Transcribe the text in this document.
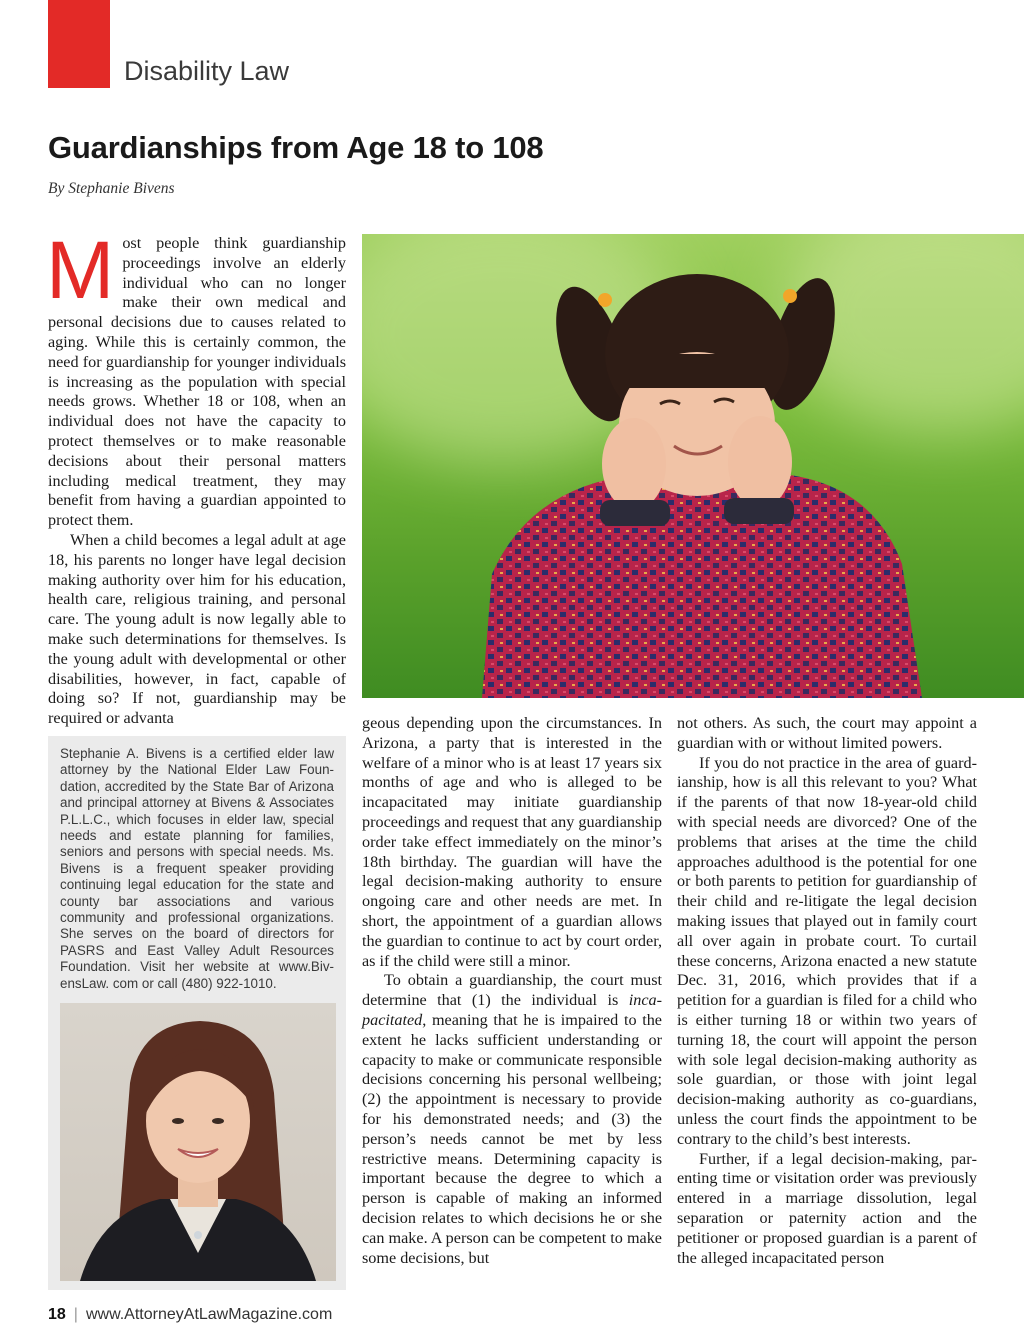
Disability Law
Guardianships from Age 18 to 108
By Stephanie Bivens

Most people think guardianship proceedings involve an elderly individual who can no longer make their own medical and personal decisions due to causes related to aging. While this is certainly common, the need for guardianship for younger individuals is increasing as the population with special needs grows. Whether 18 or 108, when an individual does not have the capacity to protect themselves or to make reasonable decisions about their personal matters including medical treatment, they may benefit from having a guardian appointed to protect them.

When a child becomes a legal adult at age 18, his parents no longer have legal decision making authority over him for his education, health care, religious training, and personal care. The young adult is now legally able to make such determinations for themselves. Is the young adult with developmental or other disabilities, however, in fact, capable of doing so? If not, guardianship may be required or advanta	geous depending upon the circumstances. In Arizona, a party that is interested in the welfare of a minor who is at least 17 years six months of age and who is alleged to be incapacitated may initiate guardianship proceedings and request that any guardianship order take effect immediately on the minor’s 18th birthday. The guardian will have the legal decision-making authority to ensure ongoing care and other needs are met. In short, the appointment of a guardian allows the guardian to continue to act by court order, as if the child were still a minor.

To obtain a guardianship, the court must determine that (1) the individual is incapacitated, meaning that he is impaired to the extent he lacks sufficient understanding or capacity to make or communicate responsible decisions concerning his personal wellbeing; (2) the appointment is necessary to provide for his demonstrated needs; and (3) the person’s needs cannot be met by less restrictive means. Determining capacity is important because the degree to which a person is capable of making an informed decision relates to which decisions he or she can make. A person can be competent to make some decisions, but

not others. As such, the court may appoint a guardian with or without limited powers.

If you do not practice in the area of guardianship, how is all this relevant to you? What if the parents of that now 18-year-old child with special needs are divorced? One of the problems that arises at the time the child approaches adulthood is the potential for one or both parents to petition for guardianship of their child and re-litigate the legal decision making issues that played out in family court all over again in probate court. To curtail these concerns, Arizona enacted a new statute Dec. 31, 2016, which provides that if a petition for a guardian is filed for a child who is either turning 18 or within two years of turning 18, the court will appoint the person with sole legal decision-making authority as sole guardian, or those with joint legal decision-making authority as co-guardians, unless the court finds the appointment to be contrary to the child’s best interests.

Further, if a legal decision-making, parenting time or visitation order was previously entered in a marriage dissolution, legal separation or paternity action and the petitioner or proposed guardian is a parent of the alleged incapacitated person

Stephanie A. Bivens is a certified elder law attorney by the National Elder Law Foundation, accredited by the State Bar of Arizona and principal attorney at Bivens & Associates P.L.L.C., which focuses in elder law, special needs and estate planning for families, seniors and persons with special needs. Ms. Bivens is a frequent speaker providing continuing legal education for the state and county bar associations and various community and professional organizations. She serves on the board of directors for PASRS and East Valley Adult Resources Foundation. Visit her website at www.BivensLaw. com or call (480) 922-1010.
18 | www.AttorneyAtLawMagazine.com
